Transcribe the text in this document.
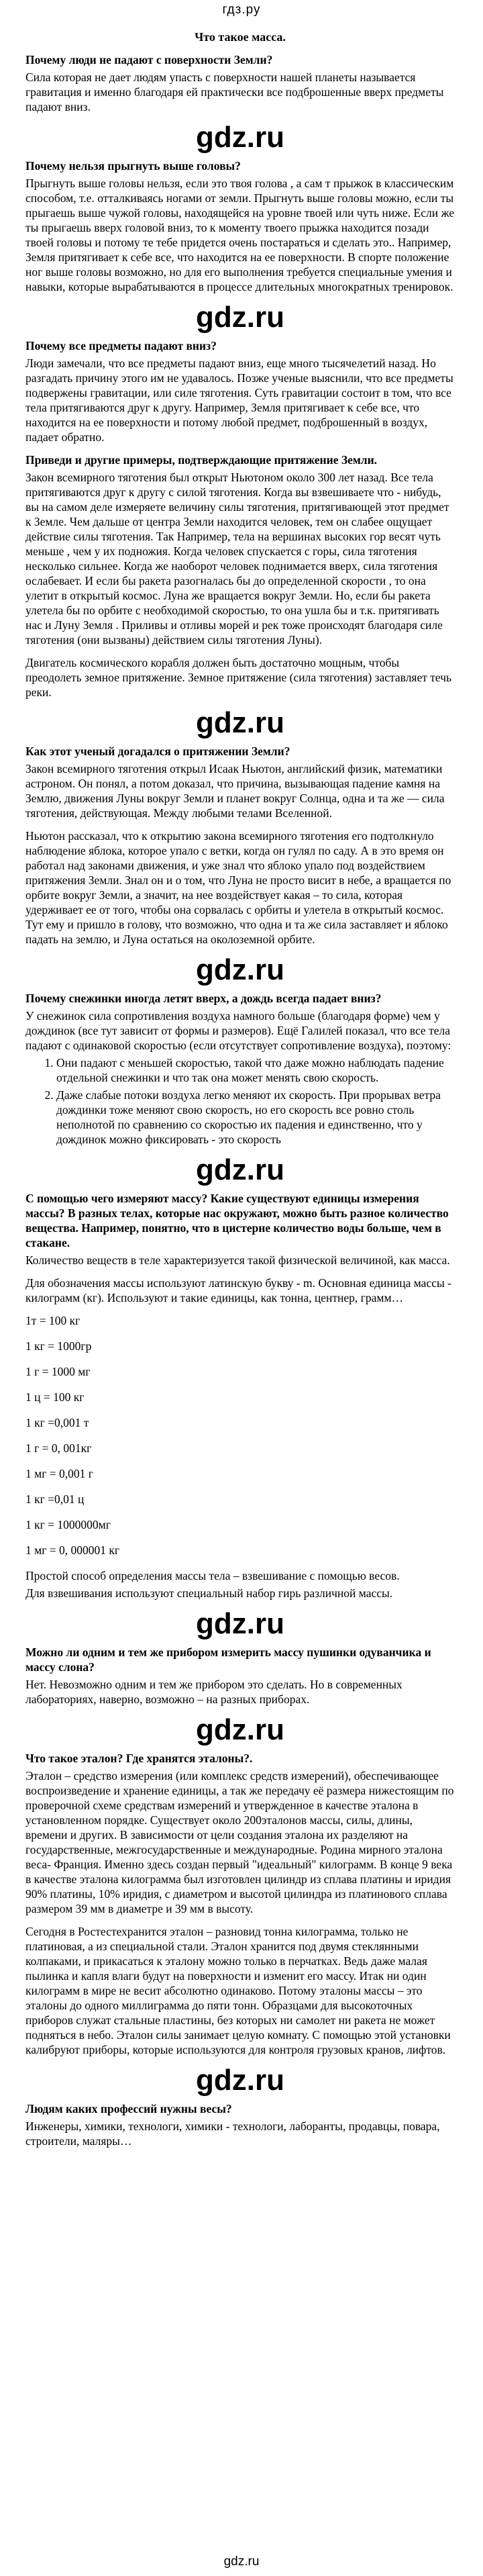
гдз.ру
Что такое масса.
Почему люди не падают с поверхности Земли?
Сила которая не дает людям упасть с поверхности нашей планеты называется гравитация и именно благодаря ей практически все подброшенные вверх предметы падают вниз.
gdz.ru
Почему нельзя прыгнуть выше головы?
Прыгнуть выше головы нельзя, если это твоя голова , а сам т прыжок в классическим способом, т.е. отталкиваясь ногами от земли. Прыгнуть выше головы можно, если ты прыгаешь выше чужой головы, находящейся на уровне твоей или чуть ниже. Если же ты прыгаешь вверх головой вниз, то к моменту твоего прыжка находится позади твоей головы и потому те тебе придется очень постараться и сделать это.. Например, Земля притягивает к себе все, что находится на ее поверхности. В спортe положение ног выше головы возможно, но для его выполнения требуется специальные умения и навыки, которые вырабатываются в процессе длительных многократных тренировок.
gdz.ru
Почему все предметы падают вниз?
Люди замечали, что все предметы падают вниз, еще много тысячелетий назад. Но разгадать причину этого им не удавалось. Позже ученые выяснили, что все предметы подвержены гравитации, или силе тяготения. Суть гравитации состоит в том, что все тела притягиваются друг к другу. Например, Земля притягивает к себе все, что находится на ее поверхности и потому любой предмет, подброшенный в воздух, падает обратно.
Приведи и другие примеры, подтверждающие притяжение Земли.
Закон всемирного тяготения был открыт Ньютоном около 300 лет назад. Все тела притягиваются друг к другу с силой тяготения. Когда вы взвешиваете что - нибудь, вы на самом деле измеряете величину силы тяготения, притягивающей этот предмет к Земле. Чем дальше от центра Земли находится человек, тем он слабее ощущает действие силы тяготения. Так Например, тела на вершинах высоких гор весят чуть меньше , чем у их подножия. Когда человек спускается с горы, сила тяготения несколько сильнее. Когда же наоборот человек поднимается вверх, сила тяготения ослабевает. И если бы ракета разогналась бы до определенной скорости , то она улетит в открытый космос. Луна же вращается вокруг Земли. Но, если бы ракета улетела бы по орбите с необходимой скоростью, то она ушла бы и т.к. притягивать нас и Луну Земля . Приливы и отливы морей и рек тоже происходят благодаря силе тяготения (они вызваны) действием силы тяготения Луны).
Двигатель космического корабля должен быть достаточно мощным, чтобы преодолеть земное притяжение. Земное притяжение (сила тяготения) заставляет течь реки.
gdz.ru
Как этот ученый догадался о притяжении Земли?
Закон всемирного тяготения открыл Исаак Ньютон, английский физик, математики астроном. Он понял, а потом доказал, что причина, вызывающая падение камня на Землю, движения Луны вокруг Земли и планет вокруг Солнца, одна и та же — сила тяготения, действующая. Между любыми телами Вселенной.
Ньютон рассказал, что к открытию закона всемирного тяготения его подтолкнуло наблюдение яблока, которое упало с ветки, когда он гулял по саду. А в это время он работал над законами движения, и уже знал что яблоко упало под воздействием притяжения Земли. Знал он и о том, что Луна не просто висит в небе, а вращается по орбите вокруг Земли, а значит, на нее воздействует какая – то сила, которая удерживает ее от того, чтобы она сорвалась с орбиты и улетела в открытый космос. Тут ему и пришло в голову, что возможно, что одна и та же сила заставляет и яблоко падать на землю, и Луна остаться на околоземной орбите.
gdz.ru
Почему снежинки иногда летят вверх, а дождь всегда падает вниз?
У снежинок сила сопротивления воздуха намного больше (благодаря форме) чем у дождинок (все тут зависит от формы и размеров). Ещё Галилей показал, что все тела падают с одинаковой скоростью (если отсутствует сопротивление воздуха), поэтому:
1. Они падают с меньшей скоростью, такой что даже можно наблюдать падение отдельной снежинки и что так она может менять свою скорость.
2. Даже слабые потоки воздуха легко меняют их скорость. При прорывах ветра дождинки тоже меняют свою скорость, но его скорость все ровно столь неполнотой по сравнению со скоростью их падения и единственно, что у дождинок можно фиксировать - это скорость
gdz.ru
С помощью чего измеряют массу? Какие существуют единицы измерения массы? В разных телах, которые нас окружают, можно быть разное количество вещества. Например, понятно, что в цистерне количество воды больше, чем в стакане.
Количество веществ в теле характеризуется такой физической величиной, как масса.
Для обозначения массы используют латинскую букву - m. Основная единица массы - килограмм (кг). Используют и такие единицы, как тонна, центнер, грамм…
1т = 100 кг
1 кг = 1000гр
1 г = 1000 мг
1 ц = 100 кг
1 кг =0,001 т
1 г = 0, 001кг
1 мг = 0,001 г
1 кг =0,01 ц
1 кг = 1000000мг
1 мг = 0, 000001 кг
Простой способ определения массы тела – взвешивание с помощью весов.
Для взвешивания используют специальный набор гирь различной массы.
gdz.ru
Можно ли одним и тем же прибором измерить массу пушинки одуванчика и массу слона?
Нет. Невозможно одним и тем же прибором это сделать. Но в современных лабораториях, наверно, возможно – на разных приборах.
gdz.ru
Что такое эталон? Где хранятся эталоны?.
Эталон – средство измерения (или комплекс средств измерений), обеспечивающее воспроизведение и хранение единицы, а так же передачу её размера нижестоящим по проверочной схеме средствам измерений и утвержденное в качестве эталона в установленном порядке. Существует около 200эталонов массы, силы, длины, времени и других. В зависимости от цели создания эталона их разделяют на государственные, межгосударственные и международные. Родина мирного эталона веса- Франция. Именно здесь создан первый "идеальный" килограмм. В конце 9 века в качестве эталона килограмма был изготовлен цилиндр из сплава платины и иридия 90% платины, 10% иридия, с диаметром и высотой цилиндра из платинового сплава размером 39 мм в диаметре и 39 мм в высоту.
Сегодня в Ростестехранится эталон – разновид тонна килограмма, только не платиновая, а из специальной стали. Эталон хранится под двумя стеклянными колпаками, и прикасаться к эталону можно только в перчатках. Ведь даже малая пылинка и капля влаги будут на поверхности и изменит его массу. Итак ни один килограмм в мире не весит абсолютно одинаково. Потому эталоны массы – это эталоны до одного миллиграмма до пяти тонн. Образцами для высокоточных приборов служат стальные пластины, без которых ни самолет ни ракета не может подняться в небо. Эталон силы занимает целую комнату. С помощью этой установки калибруют приборы, которые используются для контроля грузовых кранов, лифтов.
gdz.ru
Людям каких профессий нужны весы?
Инженеры, химики, технологи, химики - технологи, лаборанты, продавцы, повара, строители, маляры…
gdz.ru
